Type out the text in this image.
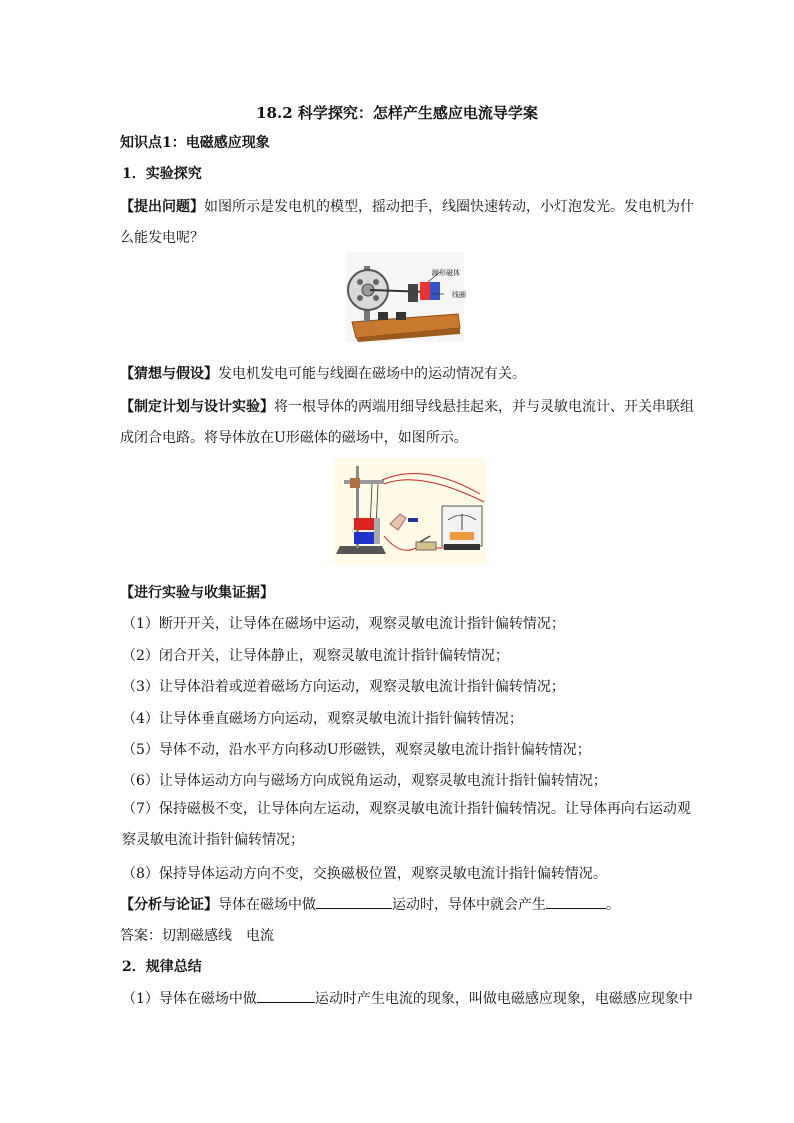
18.2 科学探究：怎样产生感应电流导学案
知识点1：电磁感应现象
1．实验探究
【提出问题】如图所示是发电机的模型，摇动把手，线圈快速转动，小灯泡发光。发电机为什么能发电呢？
蹄形磁体
线圈
【猜想与假设】发电机发电可能与线圈在磁场中的运动情况有关。
【制定计划与设计实验】将一根导体的两端用细导线悬挂起来，并与灵敏电流计、开关串联组成闭合电路。将导体放在U形磁体的磁场中，如图所示。
【进行实验与收集证据】
（1）断开开关，让导体在磁场中运动，观察灵敏电流计指针偏转情况；
（2）闭合开关，让导体静止，观察灵敏电流计指针偏转情况；
（3）让导体沿着或逆着磁场方向运动，观察灵敏电流计指针偏转情况；
（4）让导体垂直磁场方向运动，观察灵敏电流计指针偏转情况；
（5）导体不动，沿水平方向移动U形磁铁，观察灵敏电流计指针偏转情况；
（6）让导体运动方向与磁场方向成锐角运动，观察灵敏电流计指针偏转情况；
（7）保持磁极不变，让导体向左运动，观察灵敏电流计指针偏转情况。让导体再向右运动观察灵敏电流计指针偏转情况；
（8）保持导体运动方向不变，交换磁极位置，观察灵敏电流计指针偏转情况。
【分析与论证】导体在磁场中做	运动时，导体中就会产生	。
答案：切割磁感线　电流
2．规律总结
（1）导体在磁场中做	运动时产生电流的现象，叫做电磁感应现象，电磁感应现象中
